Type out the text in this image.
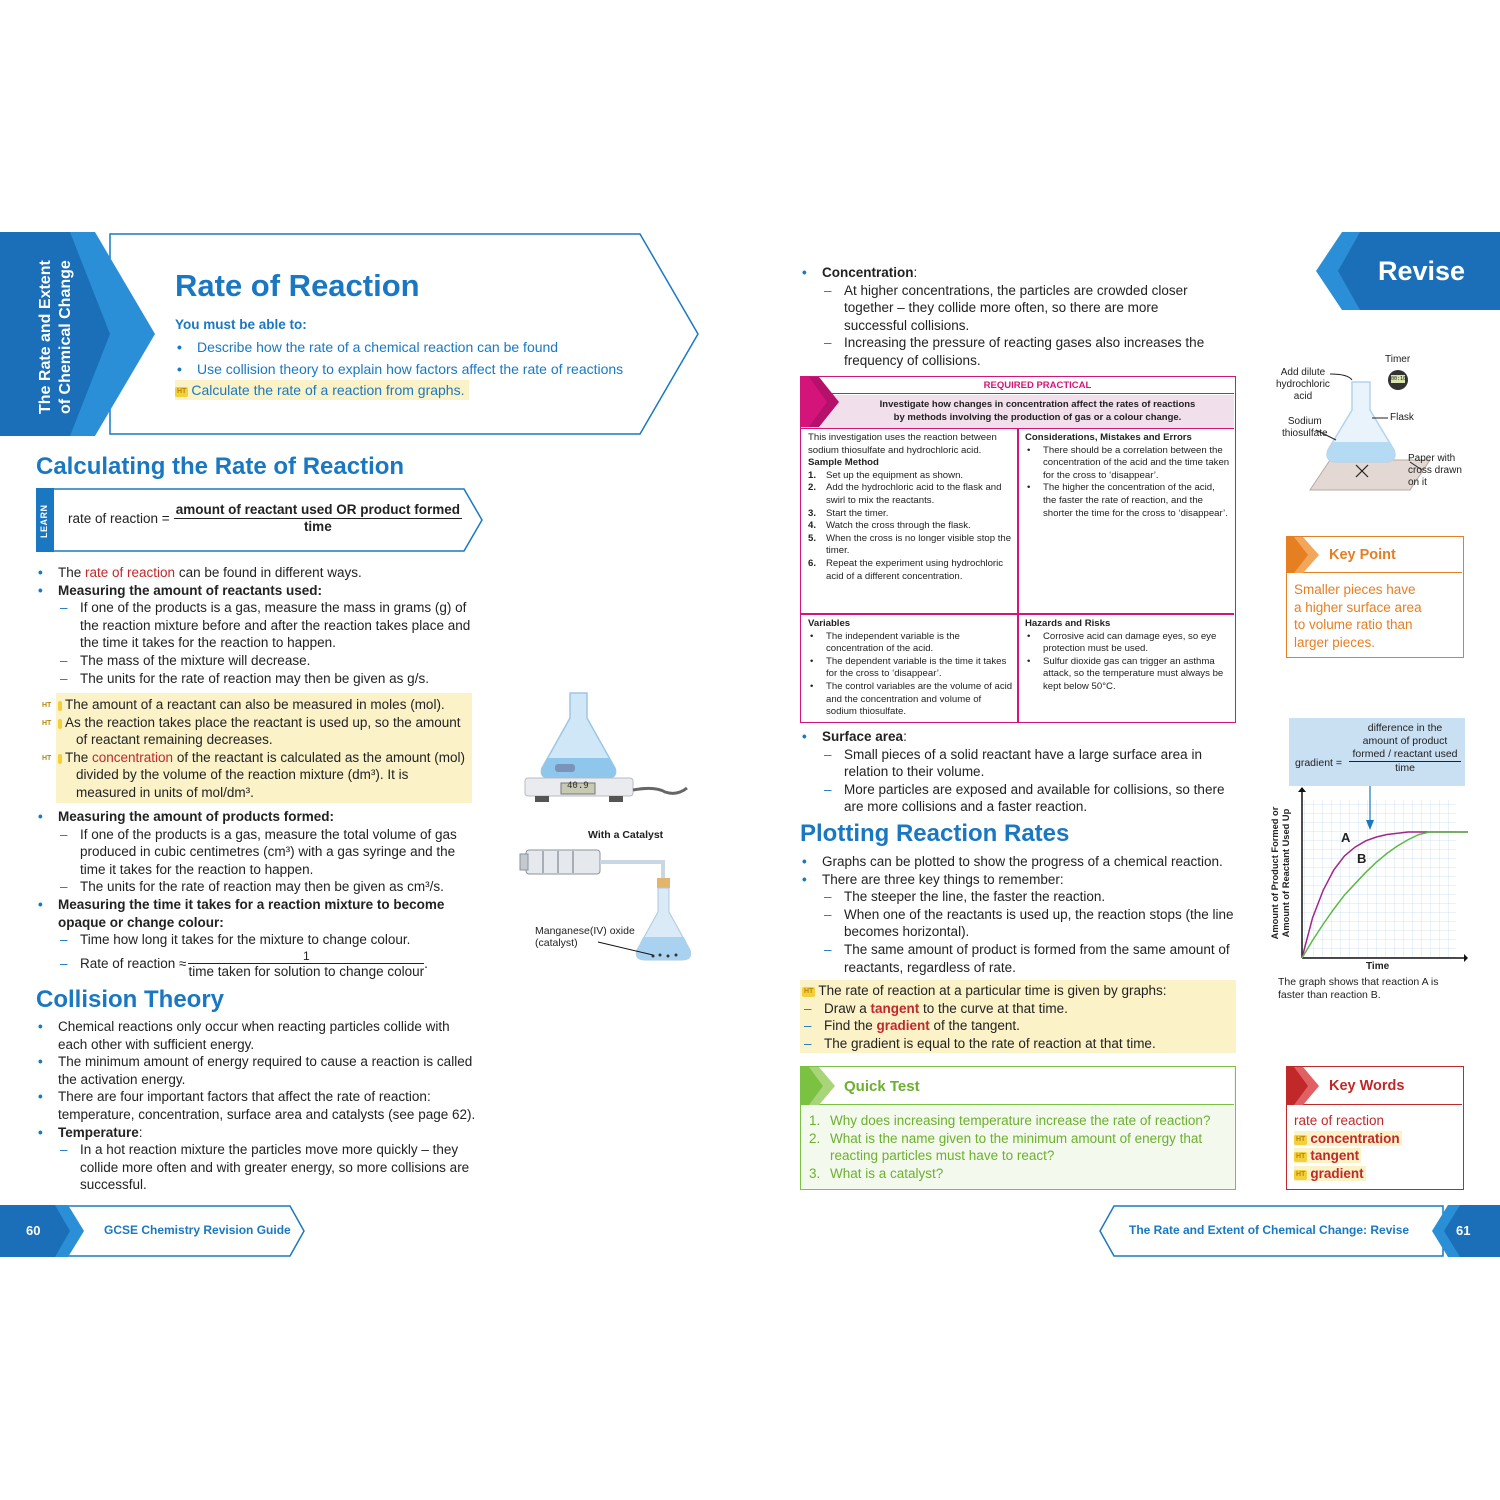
The Rate and Extent of Chemical Change	Rate of Reaction
You must be able to:
• Describe how the rate of a chemical reaction can be found
• Use collision theory to explain how factors affect the rate of reactions
HT Calculate the rate of a reaction from graphs.
Calculating the Rate of Reaction
LEARN rate of reaction =
amount of reactant used OR product formed
time
• The rate of reaction can be found in different ways.
• Measuring the amount of reactants used:
– If one of the products is a gas, measure the mass in grams (g) of the reaction mixture before and after the reaction takes place and the time it takes for the reaction to happen.
– The mass of the mixture will decrease.
– The units for the rate of reaction may then be given as g/s.
HT The amount of a reactant can also be measured in moles (mol).
HT As the reaction takes place the reactant is used up, so the amount of reactant remaining decreases.
HT The concentration of the reactant is calculated as the amount (mol) divided by the volume of the reaction mixture (dm³). It is measured in units of mol/dm³.
• Measuring the amount of products formed:
– If one of the products is a gas, measure the total volume of gas produced in cubic centimetres (cm³) with a gas syringe and the time it takes for the reaction to happen.
– The units for the rate of reaction may then be given as cm³/s.
• Measuring the time it takes for a reaction mixture to become opaque or change colour:
– Time how long it takes for the mixture to change colour.
– Rate of reaction ≈
1
time taken for solution to change colour .
Collision Theory
• Chemical reactions only occur when reacting particles collide with each other with sufficient energy.
• The minimum amount of energy required to cause a reaction is called the activation energy.
• There are four important factors that affect the rate of reaction: temperature, concentration, surface area and catalysts (see page 62).
• Temperature:
– In a hot reaction mixture the particles move more quickly – they collide more often and with greater energy, so more collisions are successful.
40.9
With a Catalyst
Manganese(IV) oxide
(catalyst)
60	GCSE Chemistry Revision Guide
• Concentration:
– At higher concentrations, the particles are crowded closer together – they collide more often, so there are more successful collisions.
– Increasing the pressure of reacting gases also increases the frequency of collisions.
REQUIRED PRACTICAL
Investigate how changes in concentration affect the rates of reactions
by methods involving the production of gas or a colour change.
This investigation uses the reaction between sodium thiosulfate and hydrochloric acid.
Sample Method
1. Set up the equipment as shown.
2. Add the hydrochloric acid to the flask and swirl to mix the reactants.
3. Start the timer.
4. Watch the cross through the flask.
5. When the cross is no longer visible stop the timer.
6. Repeat the experiment using hydrochloric acid of a different concentration.
Considerations, Mistakes and Errors
• There should be a correlation between the concentration of the acid and the time taken for the cross to ‘disappear’.
• The higher the concentration of the acid, the faster the rate of reaction, and the shorter the time for the cross to ‘disappear’.
Variables
• The independent variable is the concentration of the acid.
• The dependent variable is the time it takes for the cross to ‘disappear’.
• The control variables are the volume of acid and the concentration and volume of sodium thiosulfate.
Hazards and Risks
• Corrosive acid can damage eyes, so eye protection must be used.
• Sulfur dioxide gas can trigger an asthma attack, so the temperature must always be kept below 50°C.
• Surface area:
– Small pieces of a solid reactant have a large surface area in relation to their volume.
– More particles are exposed and available for collisions, so there are more collisions and a faster reaction.
Plotting Reaction Rates
• Graphs can be plotted to show the progress of a chemical reaction.
• There are three key things to remember:
– The steeper the line, the faster the reaction.
– When one of the reactants is used up, the reaction stops (the line becomes horizontal).
– The same amount of product is formed from the same amount of reactants, regardless of rate.
HT The rate of reaction at a particular time is given by graphs:
– Draw a tangent to the curve at that time.
– Find the gradient of the tangent.
– The gradient is equal to the rate of reaction at that time.
Quick Test
1. Why does increasing temperature increase the rate of reaction?
2. What is the name given to the minimum amount of energy that reacting particles must have to react?
3. What is a catalyst?
Revise
Add dilute
hydrochloric
acid
Timer
00:10
Flask
Sodium
thiosulfate
Paper with
cross drawn
on it
Key Point
Smaller pieces have
a higher surface area
to volume ratio than
larger pieces.
gradient =
difference in the
amount of product
formed / reactant used
time
A
B
Time
Amount of Product Formed or Amount of Reactant Used Up
The graph shows that reaction A is
faster than reaction B.
Key Words
rate of reaction
HT concentration
HT tangent
HT gradient
The Rate and Extent of Chemical Change: Revise	61
